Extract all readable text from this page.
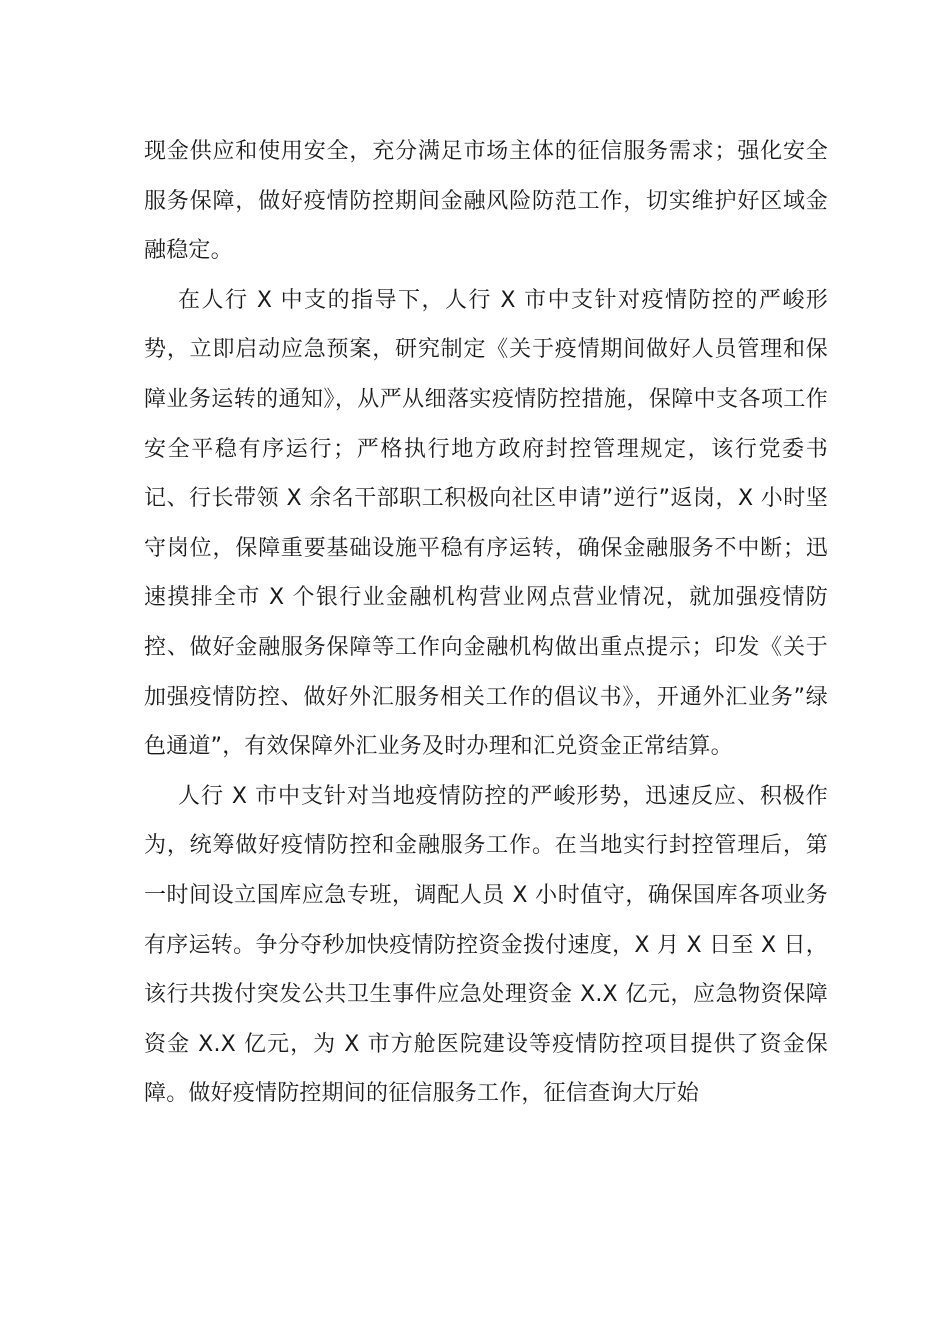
现金供应和使用安全，充分满足市场主体的征信服务需求；强化安全服务保障，做好疫情防控期间金融风险防范工作，切实维护好区域金融稳定。

在人行 X 中支的指导下，人行 X 市中支针对疫情防控的严峻形势，立即启动应急预案，研究制定《关于疫情期间做好人员管理和保障业务运转的通知》，从严从细落实疫情防控措施，保障中支各项工作安全平稳有序运行；严格执行地方政府封控管理规定，该行党委书记、行长带领 X 余名干部职工积极向社区申请”逆行”返岗，X 小时坚守岗位，保障重要基础设施平稳有序运转，确保金融服务不中断；迅速摸排全市 X 个银行业金融机构营业网点营业情况，就加强疫情防控、做好金融服务保障等工作向金融机构做出重点提示；印发《关于加强疫情防控、做好外汇服务相关工作的倡议书》，开通外汇业务”绿色通道”，有效保障外汇业务及时办理和汇兑资金正常结算。

人行 X 市中支针对当地疫情防控的严峻形势，迅速反应、积极作为，统筹做好疫情防控和金融服务工作。在当地实行封控管理后，第一时间设立国库应急专班，调配人员 X 小时值守，确保国库各项业务有序运转。争分夺秒加快疫情防控资金拨付速度，X 月 X 日至 X 日，该行共拨付突发公共卫生事件应急处理资金 X.X 亿元，应急物资保障资金 X.X 亿元，为 X 市方舱医院建设等疫情防控项目提供了资金保障。做好疫情防控期间的征信服务工作，征信查询大厅始
